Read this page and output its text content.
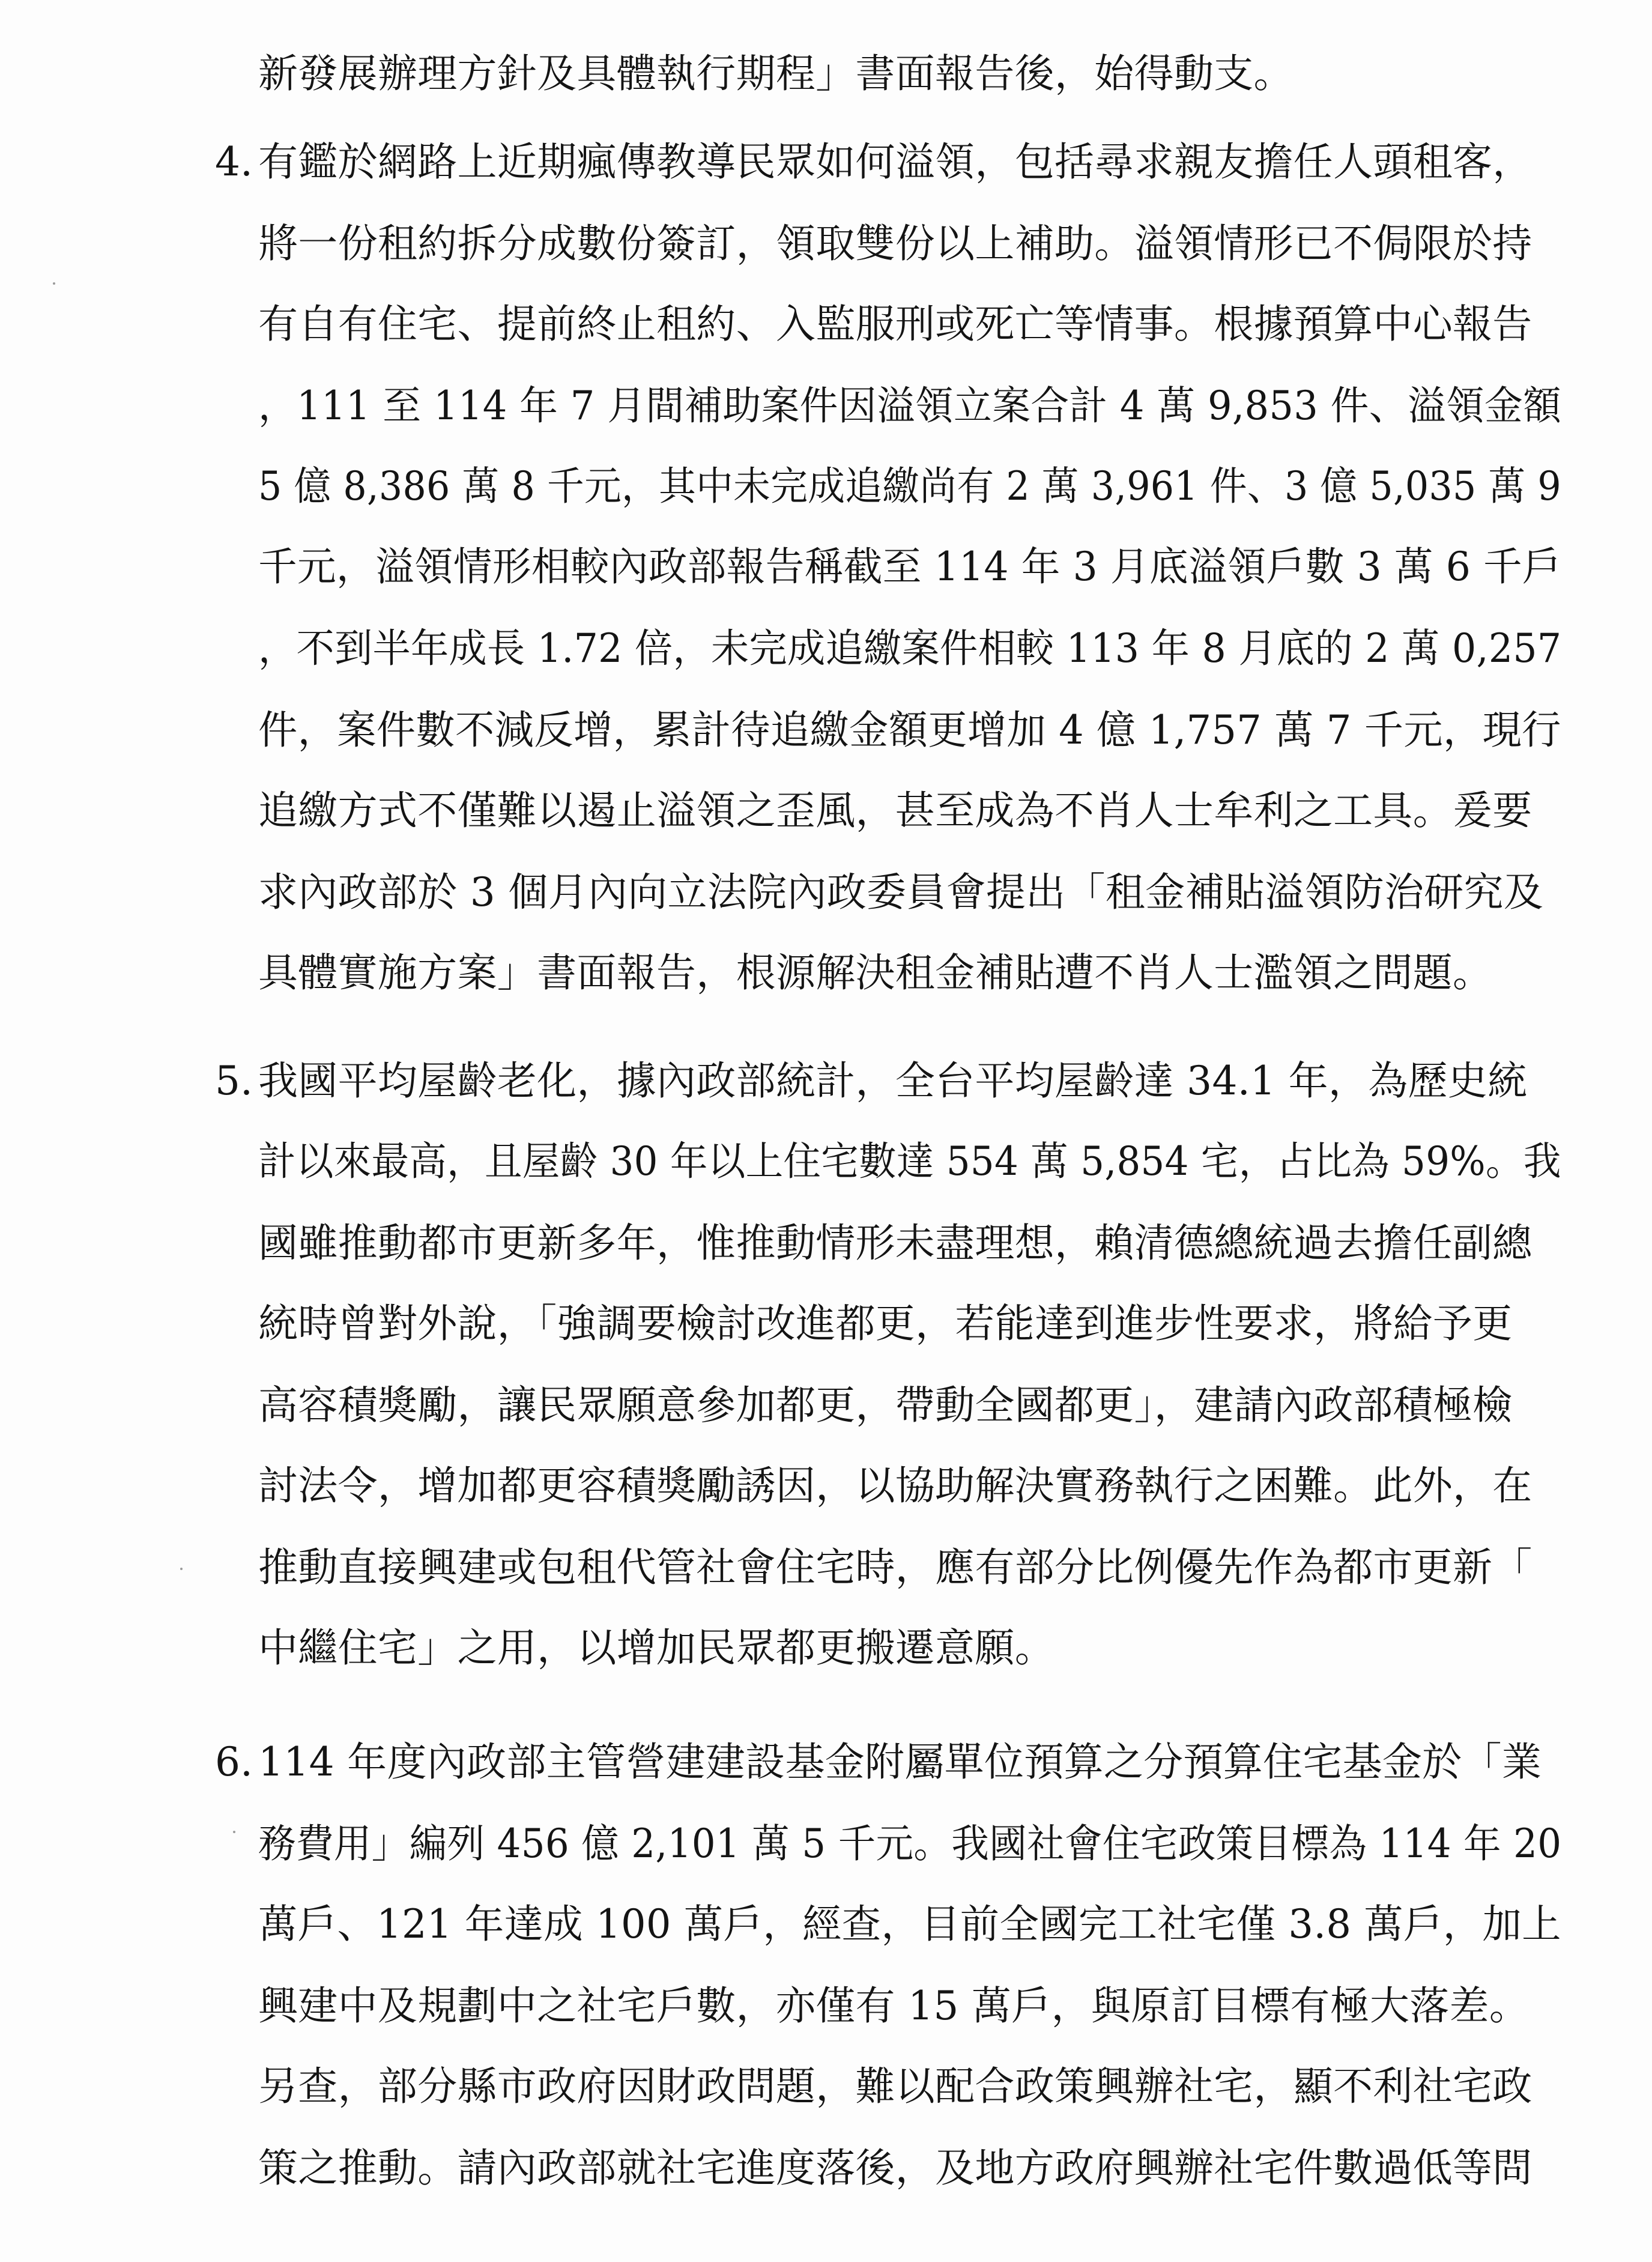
4.
5.
6.
新發展辦理方針及具體執行期程」書面報告後，始得動支。
有鑑於網路上近期瘋傳教導民眾如何溢領，包括尋求親友擔任人頭租客，
將一份租約拆分成數份簽訂，領取雙份以上補助。溢領情形已不侷限於持
有自有住宅、提前終止租約、入監服刑或死亡等情事。根據預算中心報告
，111 至 114 年 7 月間補助案件因溢領立案合計 4 萬 9,853 件、溢領金額
5 億 8,386 萬 8 千元，其中未完成追繳尚有 2 萬 3,961 件、3 億 5,035 萬 9
千元，溢領情形相較內政部報告稱截至 114 年 3 月底溢領戶數 3 萬 6 千戶
，不到半年成長 1.72 倍，未完成追繳案件相較 113 年 8 月底的 2 萬 0,257
件，案件數不減反增，累計待追繳金額更增加 4 億 1,757 萬 7 千元，現行
追繳方式不僅難以遏止溢領之歪風，甚至成為不肖人士牟利之工具。爰要
求內政部於 3 個月內向立法院內政委員會提出「租金補貼溢領防治研究及
具體實施方案」書面報告，根源解決租金補貼遭不肖人士濫領之問題。
我國平均屋齡老化，據內政部統計，全台平均屋齡達 34.1 年，為歷史統
計以來最高，且屋齡 30 年以上住宅數達 554 萬 5,854 宅，占比為 59%。我
國雖推動都市更新多年，惟推動情形未盡理想，賴清德總統過去擔任副總
統時曾對外說，「強調要檢討改進都更，若能達到進步性要求，將給予更
高容積獎勵，讓民眾願意參加都更，帶動全國都更」，建請內政部積極檢
討法令，增加都更容積獎勵誘因，以協助解決實務執行之困難。此外，在
推動直接興建或包租代管社會住宅時，應有部分比例優先作為都市更新「
中繼住宅」之用，以增加民眾都更搬遷意願。
114 年度內政部主管營建建設基金附屬單位預算之分預算住宅基金於「業
務費用」編列 456 億 2,101 萬 5 千元。我國社會住宅政策目標為 114 年 20
萬戶、121 年達成 100 萬戶，經查，目前全國完工社宅僅 3.8 萬戶，加上
興建中及規劃中之社宅戶數，亦僅有 15 萬戶，與原訂目標有極大落差。
另查，部分縣市政府因財政問題，難以配合政策興辦社宅，顯不利社宅政
策之推動。請內政部就社宅進度落後，及地方政府興辦社宅件數過低等問
